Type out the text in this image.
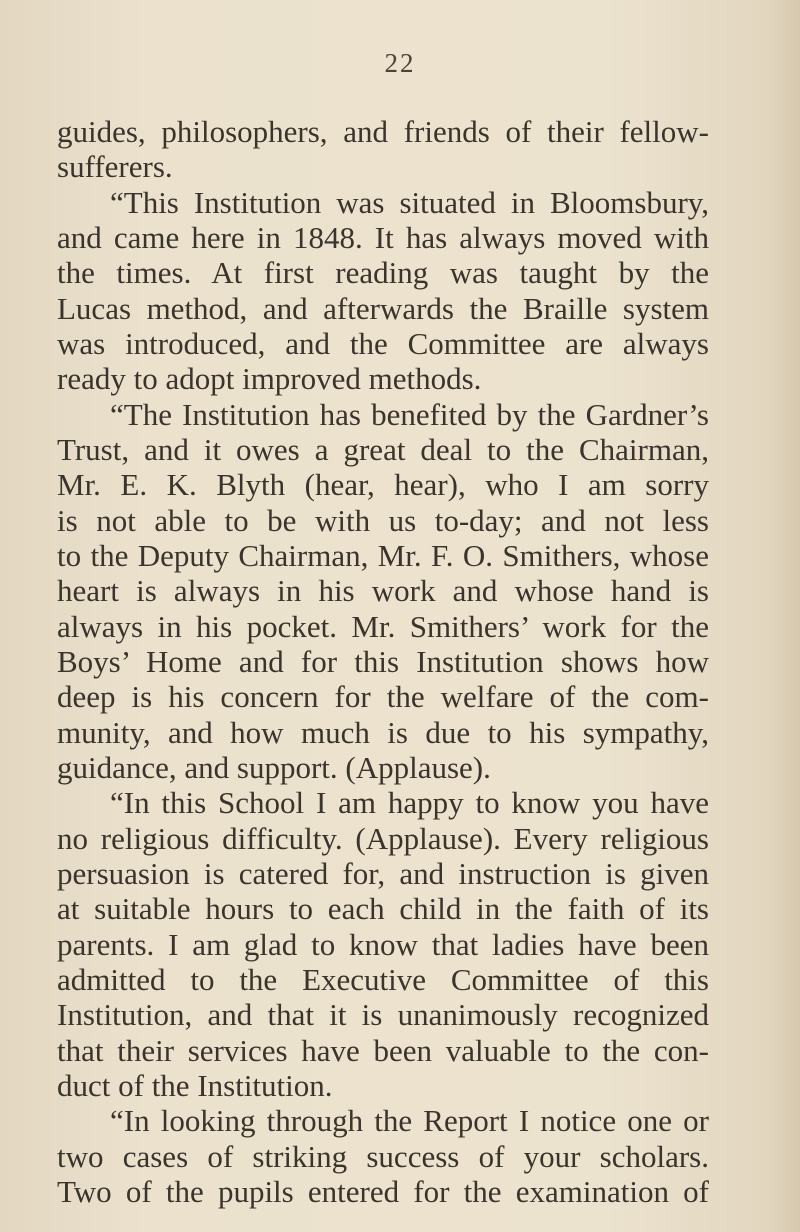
22
guides, philosophers, and friends of their fellow-
sufferers.
“This Institution was situated in Bloomsbury,
and came here in 1848. It has always moved with
the times. At first reading was taught by the
Lucas method, and afterwards the Braille system
was introduced, and the Committee are always
ready to adopt improved methods.
“The Institution has benefited by the Gardner’s
Trust, and it owes a great deal to the Chairman,
Mr. E. K. Blyth (hear, hear), who I am sorry
is not able to be with us to-day; and not less
to the Deputy Chairman, Mr. F. O. Smithers, whose
heart is always in his work and whose hand is
always in his pocket. Mr. Smithers’ work for the
Boys’ Home and for this Institution shows how
deep is his concern for the welfare of the com-
munity, and how much is due to his sympathy,
guidance, and support. (Applause).
“In this School I am happy to know you have
no religious difficulty. (Applause). Every religious
persuasion is catered for, and instruction is given
at suitable hours to each child in the faith of its
parents. I am glad to know that ladies have been
admitted to the Executive Committee of this
Institution, and that it is unanimously recognized
that their services have been valuable to the con-
duct of the Institution.
“In looking through the Report I notice one or
two cases of striking success of your scholars.
Two of the pupils entered for the examination of
